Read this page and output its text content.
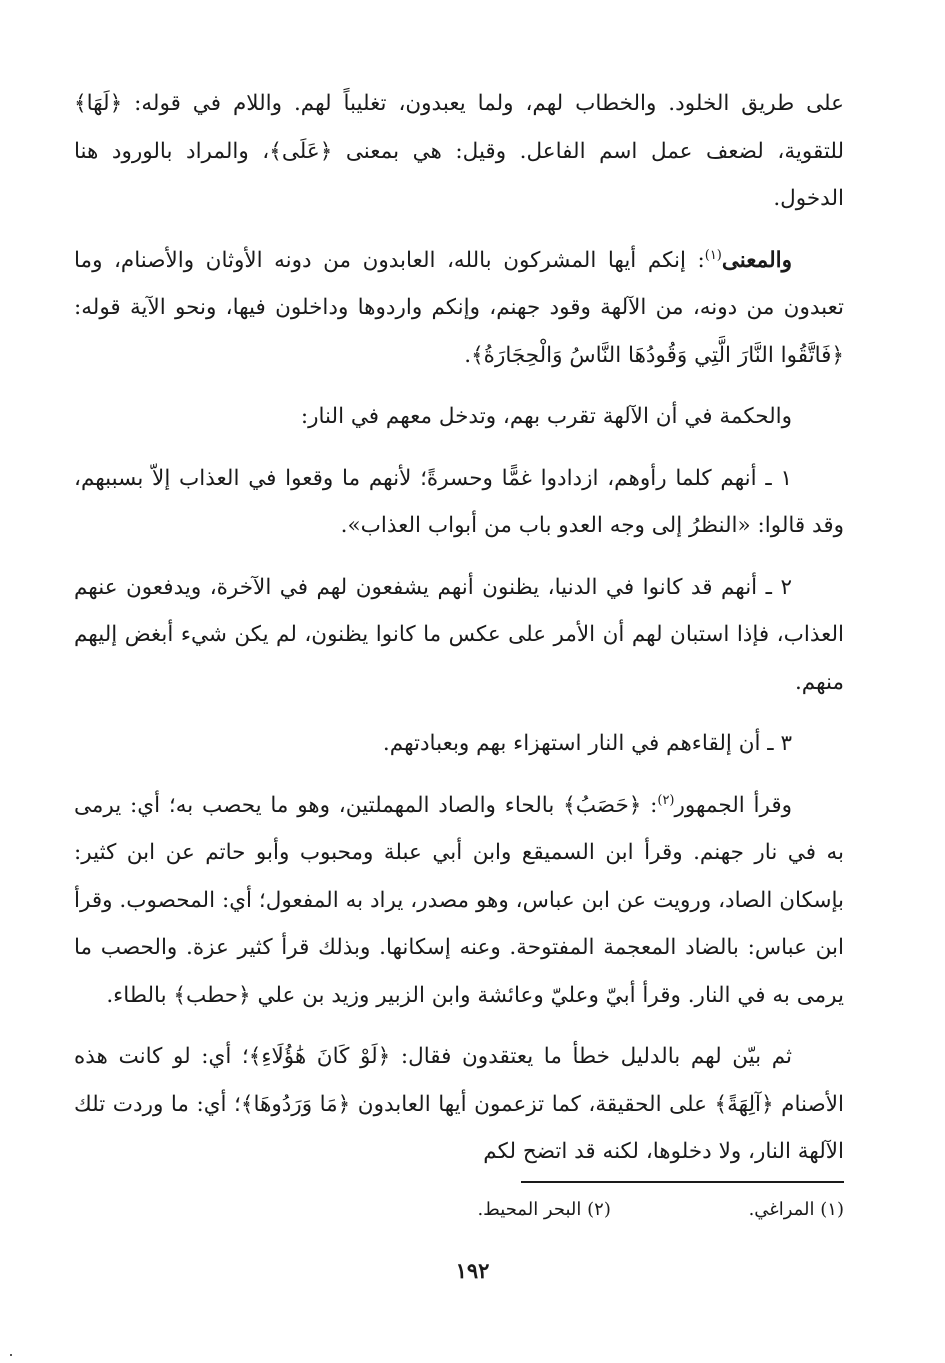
على طريق الخلود. والخطاب لهم، ولما يعبدون، تغليباً لهم. واللام في قوله: ﴿لَهَا﴾ للتقوية، لضعف عمل اسم الفاعل. وقيل: هي بمعنى ﴿عَلَى﴾، والمراد بالورود هنا الدخول.

والمعنى$^{(١)}$: إنكم أيها المشركون بالله، العابدون من دونه الأوثان والأصنام، وما تعبدون من دونه، من الآلهة وقود جهنم، وإنكم واردوها وداخلون فيها، ونحو الآية قوله: ﴿فَاتَّقُوا النَّارَ الَّتِي وَقُودُهَا النَّاسُ وَالْحِجَارَةُ﴾.

والحكمة في أن الآلهة تقرب بهم، وتدخل معهم في النار:

١ ـ أنهم كلما رأوهم، ازدادوا غمًّا وحسرةً؛ لأنهم ما وقعوا في العذاب إلاّ بسببهم، وقد قالوا: «النظرُ إلى وجه العدو باب من أبواب العذاب».

٢ ـ أنهم قد كانوا في الدنيا، يظنون أنهم يشفعون لهم في الآخرة، ويدفعون عنهم العذاب، فإذا استبان لهم أن الأمر على عكس ما كانوا يظنون، لم يكن شيء أبغض إليهم منهم.

٣ ـ أن إلقاءهم في النار استهزاء بهم وبعبادتهم.

وقرأ الجمهور$^{(٢)}$: ﴿حَصَبُ﴾ بالحاء والصاد المهملتين، وهو ما يحصب به؛ أي: يرمى به في نار جهنم. وقرأ ابن السميقع وابن أبي عبلة ومحبوب وأبو حاتم عن ابن كثير: بإسكان الصاد، ورويت عن ابن عباس، وهو مصدر، يراد به المفعول؛ أي: المحصوب. وقرأ ابن عباس: بالضاد المعجمة المفتوحة. وعنه إسكانها. وبذلك قرأ كثير عزة. والحصب ما يرمى به في النار. وقرأ أبيّ وعليّ وعائشة وابن الزبير وزيد بن علي ﴿حطب﴾ بالطاء.

ثم بيّن لهم بالدليل خطأ ما يعتقدون فقال: ﴿لَوْ كَانَ هَٰؤُلَاءِ﴾؛ أي: لو كانت هذه الأصنام ﴿آلِهَةً﴾ على الحقيقة، كما تزعمون أيها العابدون ﴿مَا وَرَدُوهَا﴾؛ أي: ما وردت تلك الآلهة النار، ولا دخلوها، لكنه قد اتضح لكم

(١) المراغي. (٢) البحر المحيط.
١٩٢
